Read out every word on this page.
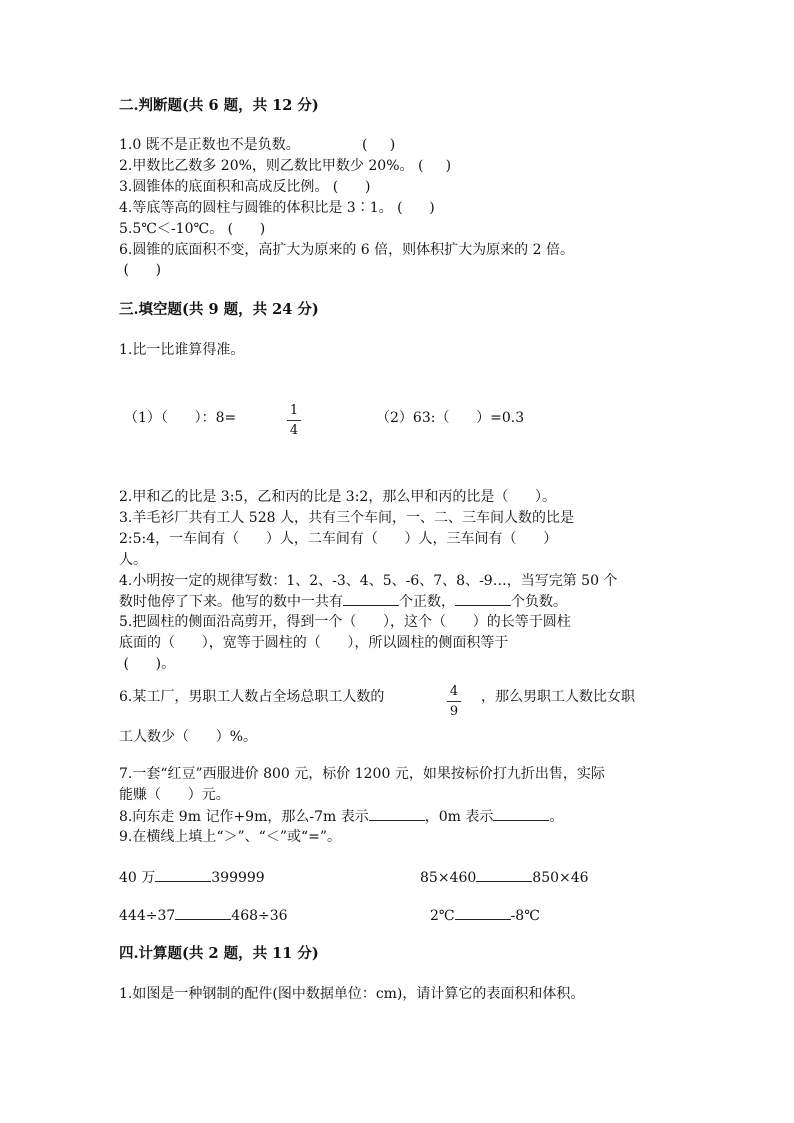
二.判断题(共 6 题，共 12 分)
1.0 既不是正数也不是负数。              (     )
2.甲数比乙数多 20%，则乙数比甲数少 20%。 (     )
3.圆锥体的底面积和高成反比例。 (      )
4.等底等高的圆柱与圆锥的体积比是 3∶1。 (      )
5.5℃＜-10℃。 (      )
6.圆锥的底面积不变，高扩大为原来的 6 倍，则体积扩大为原来的 2 倍。
(      )
三.填空题(共 9 题，共 24 分)
1.比一比谁算得准。
（1）（      ）：8=	1
4
（2）63:（      ）=0.3
2.甲和乙的比是 3:5，乙和丙的比是 3:2，那么甲和丙的比是（      ）。
3.羊毛衫厂共有工人 528 人，共有三个车间，一、二、三车间人数的比是
2:5:4，一车间有（      ）人，二车间有（      ）人，三车间有（      ）
人。
4.小明按一定的规律写数：1、2、-3、4、5、-6、7、8、-9…，当写完第 50 个
数时他停了下来。他写的数中一共有	个正数，	个负数。
5.把圆柱的侧面沿高剪开，得到一个（      ），这个（      ）的长等于圆柱
底面的（      ），宽等于圆柱的（      ），所以圆柱的侧面积等于
(      )。
6.某工厂，男职工人数占全场总职工人数的	4
9
，那么男职工人数比女职
工人数少（      ）%。
7.一套“红豆”西服进价 800 元，标价 1200 元，如果按标价打九折出售，实际
能赚（      ）元。
8.向东走 9m 记作+9m，那么-7m 表示	，0m 表示	。
9.在横线上填上“＞”、“＜”或“=”。
40 万	399999	85×460	850×46
444÷37	468÷36	2℃	-8℃
四.计算题(共 2 题，共 11 分)
1.如图是一种钢制的配件(图中数据单位：cm)，请计算它的表面积和体积。
